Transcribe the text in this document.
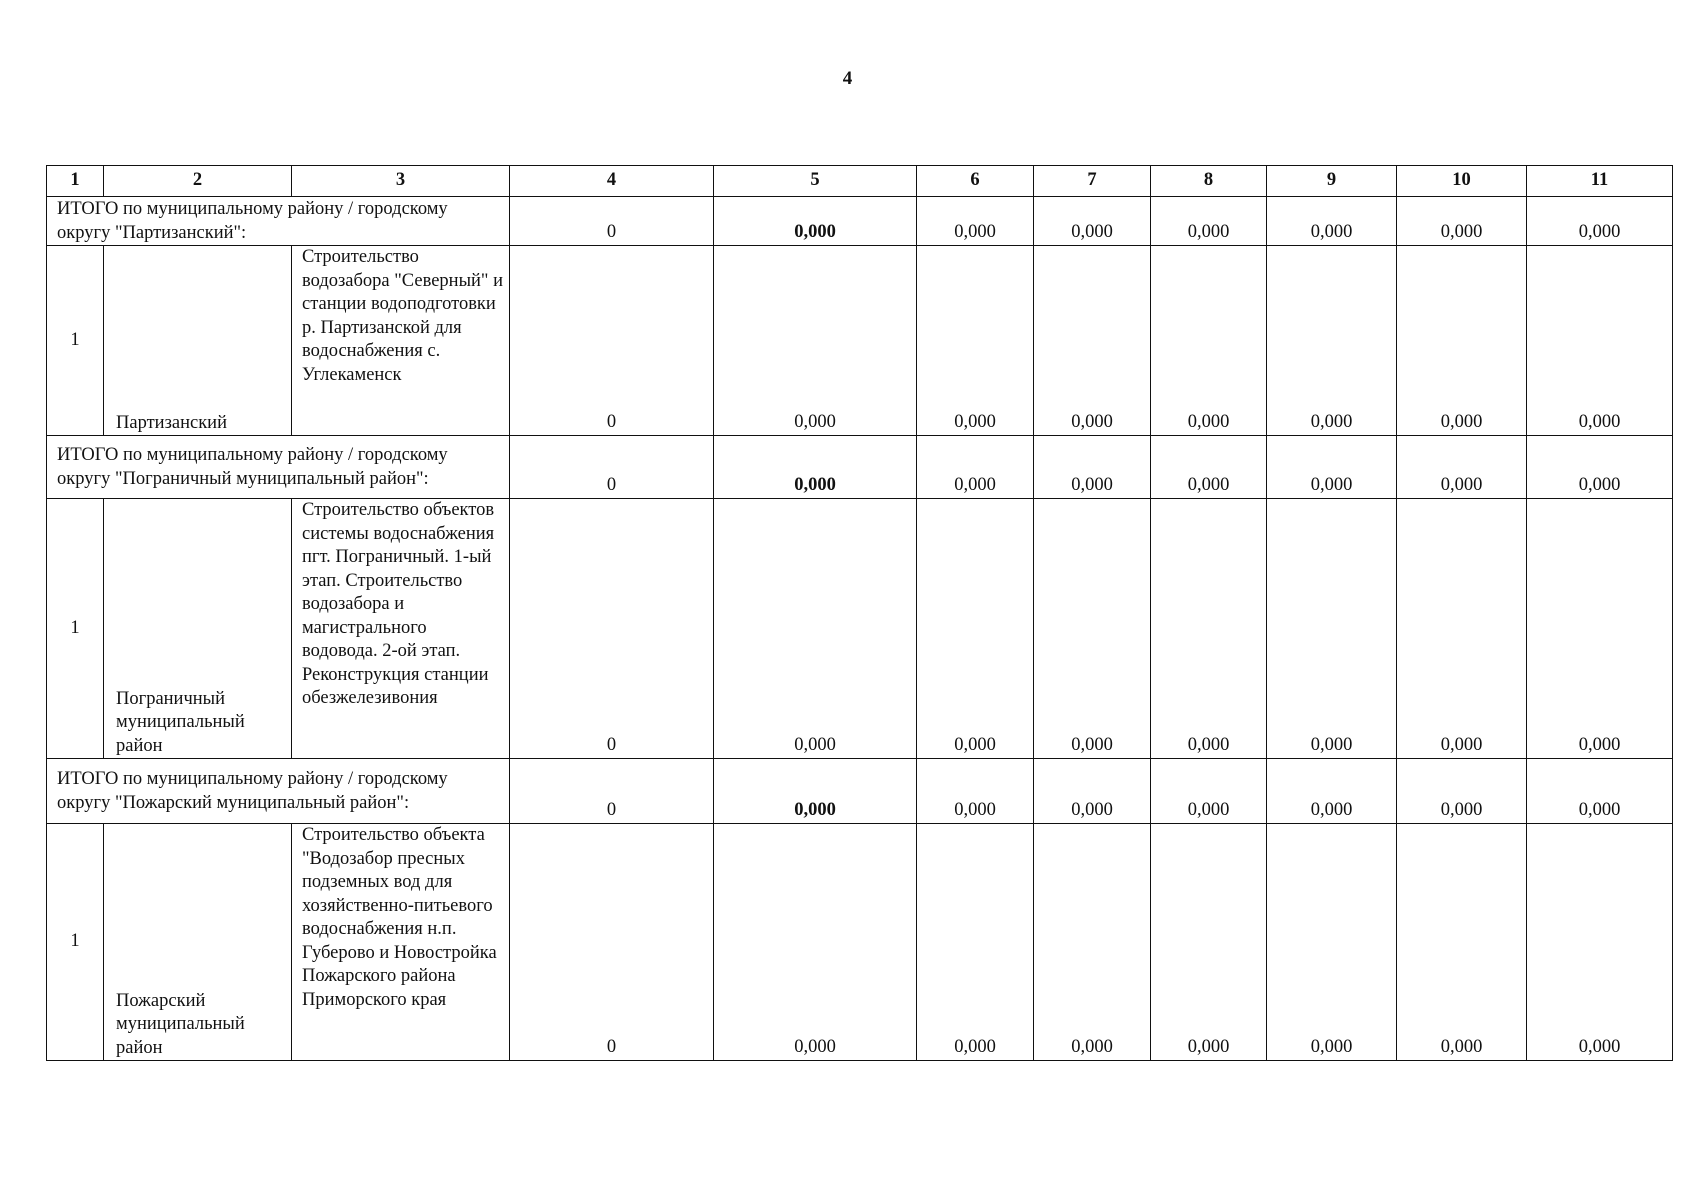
4
1	2	3	4	5	6	7	8	9	10	11
ИТОГО по муниципальному району / городскому округу "Партизанский":			0	0,000	0,000	0,000	0,000	0,000	0,000	0,000
1	Партизанский	Строительство водозабора "Северный" и станции водоподготовки р. Партизанской для водоснабжения с. Углекаменск	0	0,000	0,000	0,000	0,000	0,000	0,000	0,000
ИТОГО по муниципальному району / городскому округу "Пограничный муниципальный район":			0	0,000	0,000	0,000	0,000	0,000	0,000	0,000
1	Пограничный муниципальный район	Строительство объектов системы водоснабжения пгт. Пограничный. 1-ый этап. Строительство водозабора и магистрального водовода. 2-ой этап. Реконструкция станции обезжелезивония	0	0,000	0,000	0,000	0,000	0,000	0,000	0,000
ИТОГО по муниципальному району / городскому округу "Пожарский муниципальный район":			0	0,000	0,000	0,000	0,000	0,000	0,000	0,000
1	Пожарский муниципальный район	Строительство объекта "Водозабор пресных подземных вод для хозяйственно-питьевого водоснабжения н.п. Губерово и Новостройка Пожарского района Приморского края	0	0,000	0,000	0,000	0,000	0,000	0,000	0,000
